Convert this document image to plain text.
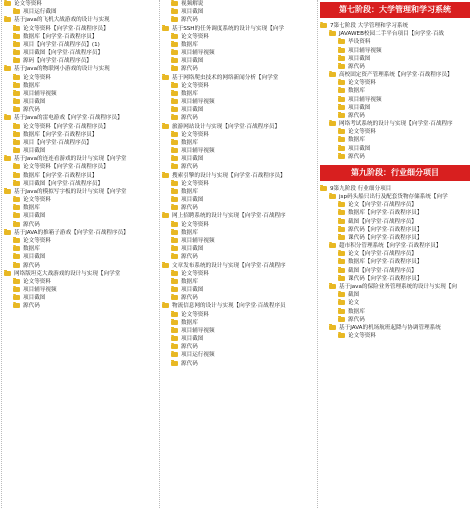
论文等资料
项目运行截图
基于java的飞机大战游戏的设计与实现
论文等资料【向学堂·百战程序员】
数据库【向学堂·百战程序员】
项目【向学堂·百战程序员】(1)
项目截图【向学堂·百战程序员】
源码【向学堂·百战程序员】
基于Java的物联网小游戏的设计与实现
论文等资料
数据库
项目辅导视频
项目截图
源代码
基于Java的雷电游戏【向学堂·百战程序员】
论文等资料【向学堂·百战程序员】
数据库【向学堂·百战程序员】
项目【向学堂·百战程序员】
项目截图
基于Java的连连看游戏的设计与实现【向学堂
论文等资料【向学堂·百战程序员】
数据库【向学堂·百战程序员】
项目截图【向学堂·百战程序员】
基于Java的模拟写字板的设计与实现【向学堂
论文等资料
数据库
项目截图
源代码
基于JAVA的推箱子游戏【向学堂·百战程序员】
论文等资料
数据库
项目截图
源代码
网络版坦克大战游戏的设计与实现【向学堂
论文等资料
项目辅导视频
项目截图
源代码
视频解说
项目截图
源代码
基于SSH的任务调度系统的设计与实现【向学
论文等资料
数据库
项目辅导视频
项目截图
源代码
基于网络爬虫技术的网络新闻分析【向学堂
论文等资料
数据库
项目辅导视频
项目截图
源代码
旅游网站设计与实现【向学堂·百战程序员】
论文等资料
数据库
项目辅导视频
项目截图
源代码
搜索引擎的设计与实现【向学堂·百战程序员】
论文等资料
数据库
项目截图
源代码
网上招聘系统的设计与实现【向学堂·百战程序
论文等资料
数据库
项目辅导视频
项目截图
源代码
文章发布系统的设计与实现【向学堂·百战程序
论文等资料
数据库
项目截图
源代码
物流信息网的设计与实现【向学堂·百战程序员
论文等资料
数据库
项目辅导视频
项目截图
源代码
项目运行视频
源代码
第七阶段：大学管理和学习系统
7第七阶段 大学管理和学习系统
JAVAWEB校园二手平台项目【向学堂·百战
毕设资料
项目辅导视频
项目截图
源代码
高校固定资产管理系统【向学堂·百战程序员】
论文等资料
数据库
项目辅导视频
项目截图
源代码
网络考试系统的设计与实现【向学堂·百战程序
论文等资料
数据库
项目截图
源代码
第九阶段：行业细分项目
9第九阶段 行业细分项目
jsp码头船只出行及配套货物存储系统【向学
论文【向学堂·百战程序员】
数据库【向学堂·百战程序员】
截图【向学堂·百战程序员】
源代码【向学堂·百战程序员】
课代码【向学堂·百战程序员】
超市积分管理系统【向学堂·百战程序员】
论文【向学堂·百战程序员】
数据库【向学堂·百战程序员】
截图【向学堂·百战程序员】
课代码【向学堂·百战程序员】
基于java的保险业务管理系统的设计与实现【向
截图
论文
数据库
源代码
基于JAVA的机场航班起降与协调管理系统
论文等资料
